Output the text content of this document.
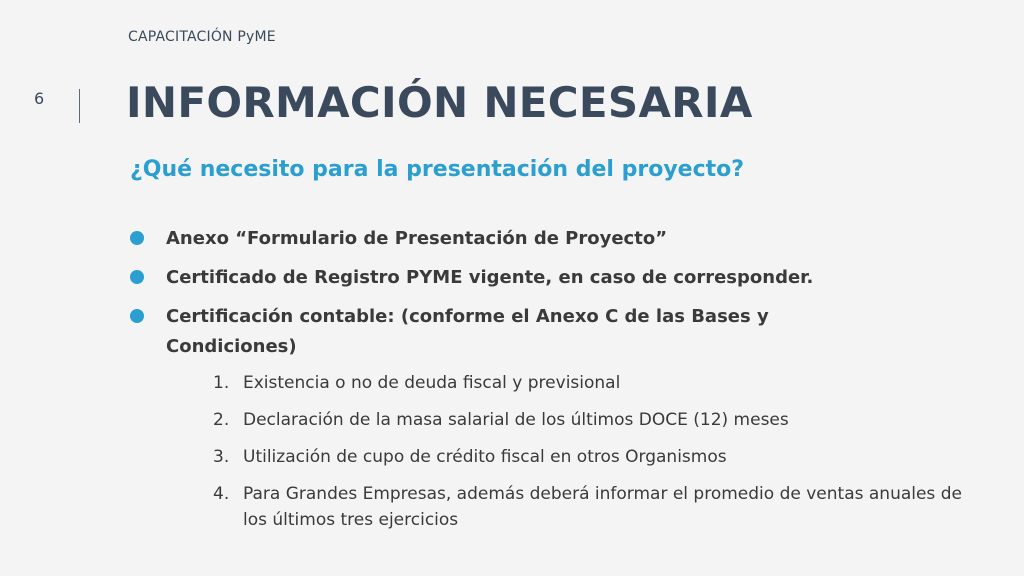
CAPACITACIÓN PyME
6 INFORMACIÓN NECESARIA
¿Qué necesito para la presentación del proyecto?
Anexo “Formulario de Presentación de Proyecto”
Certificado de Registro PYME vigente, en caso de corresponder.
Certificación contable: (conforme el Anexo C de las Bases y Condiciones)
1. Existencia o no de deuda fiscal y previsional
2. Declaración de la masa salarial de los últimos DOCE (12) meses
3. Utilización de cupo de crédito fiscal en otros Organismos
4. Para Grandes Empresas, además deberá informar el promedio de ventas anuales de los últimos tres ejercicios
